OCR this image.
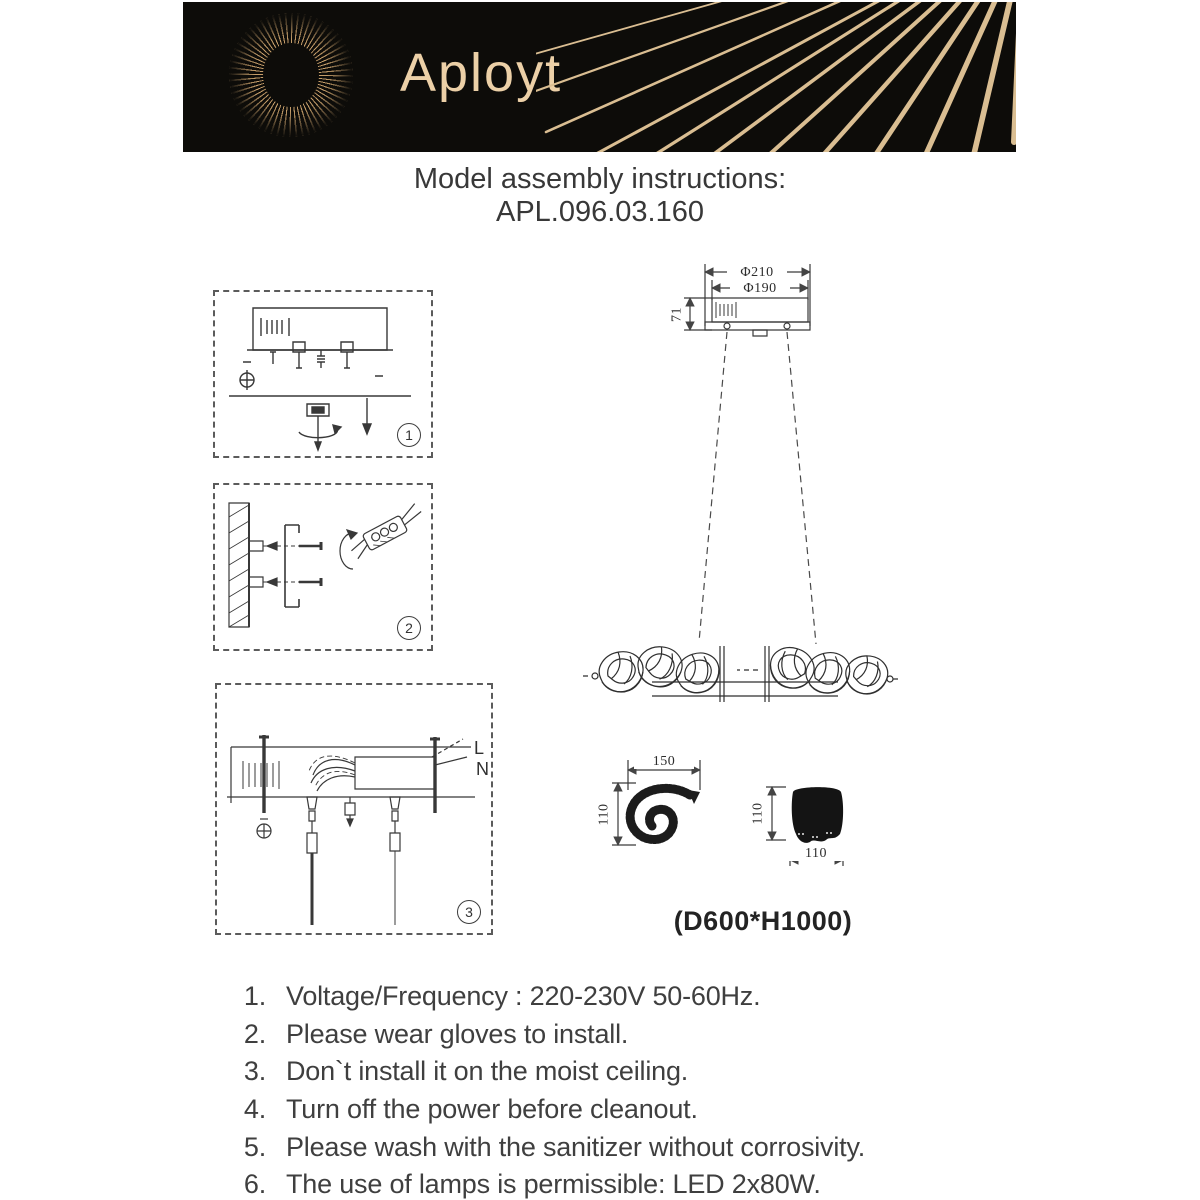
Aployt
Model assembly instructions:
APL.096.03.160
1
2
3
L
N
Φ210
Φ190
71
150
110	110
110
(D600*H1000)
1. Voltage/Frequency : 220-230V 50-60Hz.
2. Please wear gloves to install.
3. Don`t install it on the moist ceiling.
4. Turn off the power before cleanout.
5. Please wash with the sanitizer without corrosivity.
6. The use of lamps is permissible: LED 2x80W.
